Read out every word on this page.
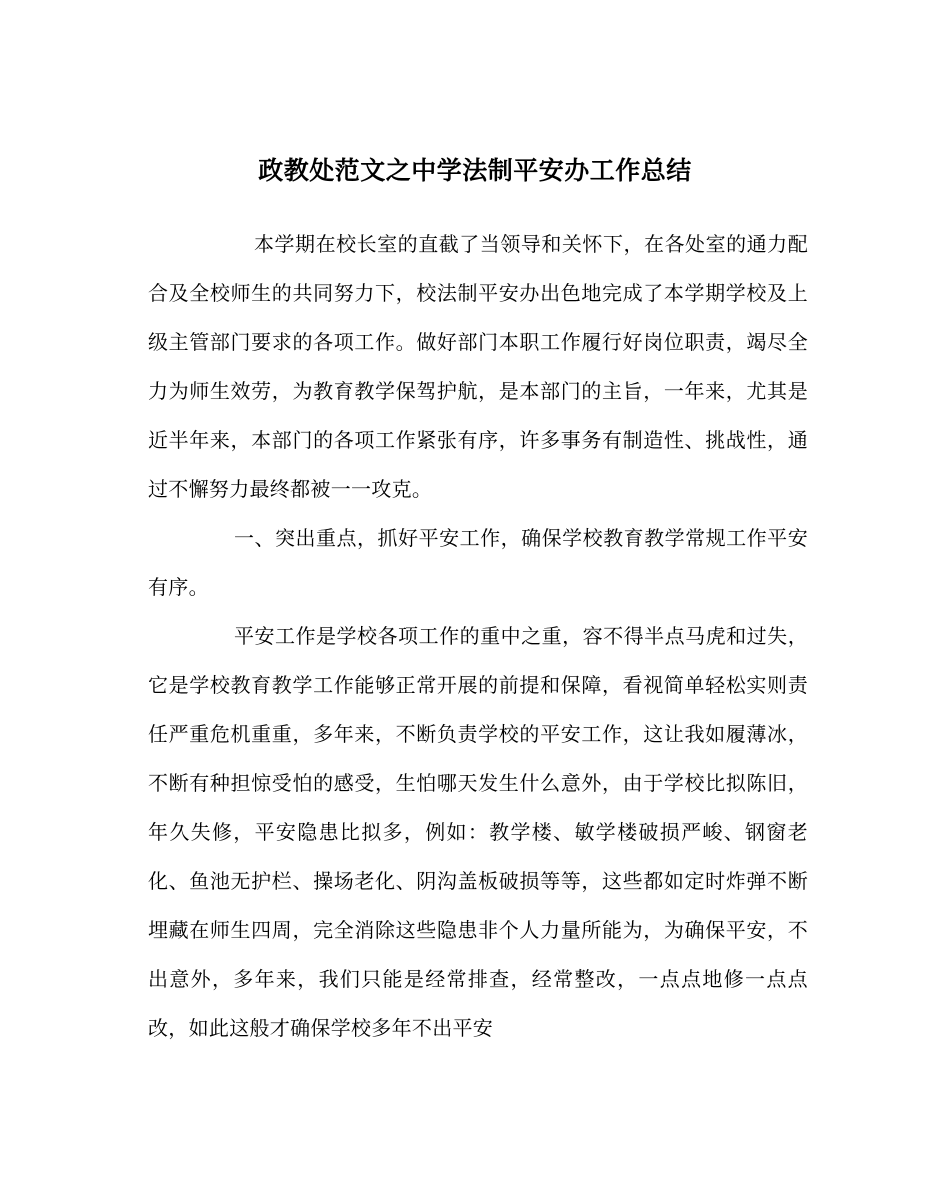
政教处范文之中学法制平安办工作总结

本学期在校长室的直截了当领导和关怀下，在各处室的通力配合及全校师生的共同努力下，校法制平安办出色地完成了本学期学校及上级主管部门要求的各项工作。做好部门本职工作履行好岗位职责，竭尽全力为师生效劳，为教育教学保驾护航，是本部门的主旨，一年来，尤其是近半年来，本部门的各项工作紧张有序，许多事务有制造性、挑战性，通过不懈努力最终都被一一攻克。

一、突出重点，抓好平安工作，确保学校教育教学常规工作平安有序。

平安工作是学校各项工作的重中之重，容不得半点马虎和过失，它是学校教育教学工作能够正常开展的前提和保障，看视简单轻松实则责任严重危机重重，多年来，不断负责学校的平安工作，这让我如履薄冰，不断有种担惊受怕的感受，生怕哪天发生什么意外，由于学校比拟陈旧，年久失修，平安隐患比拟多，例如：教学楼、敏学楼破损严峻、钢窗老化、鱼池无护栏、操场老化、阴沟盖板破损等等，这些都如定时炸弹不断埋藏在师生四周，完全消除这些隐患非个人力量所能为，为确保平安，不出意外，多年来，我们只能是经常排查，经常整改，一点点地修一点点改，如此这般才确保学校多年不出平安
